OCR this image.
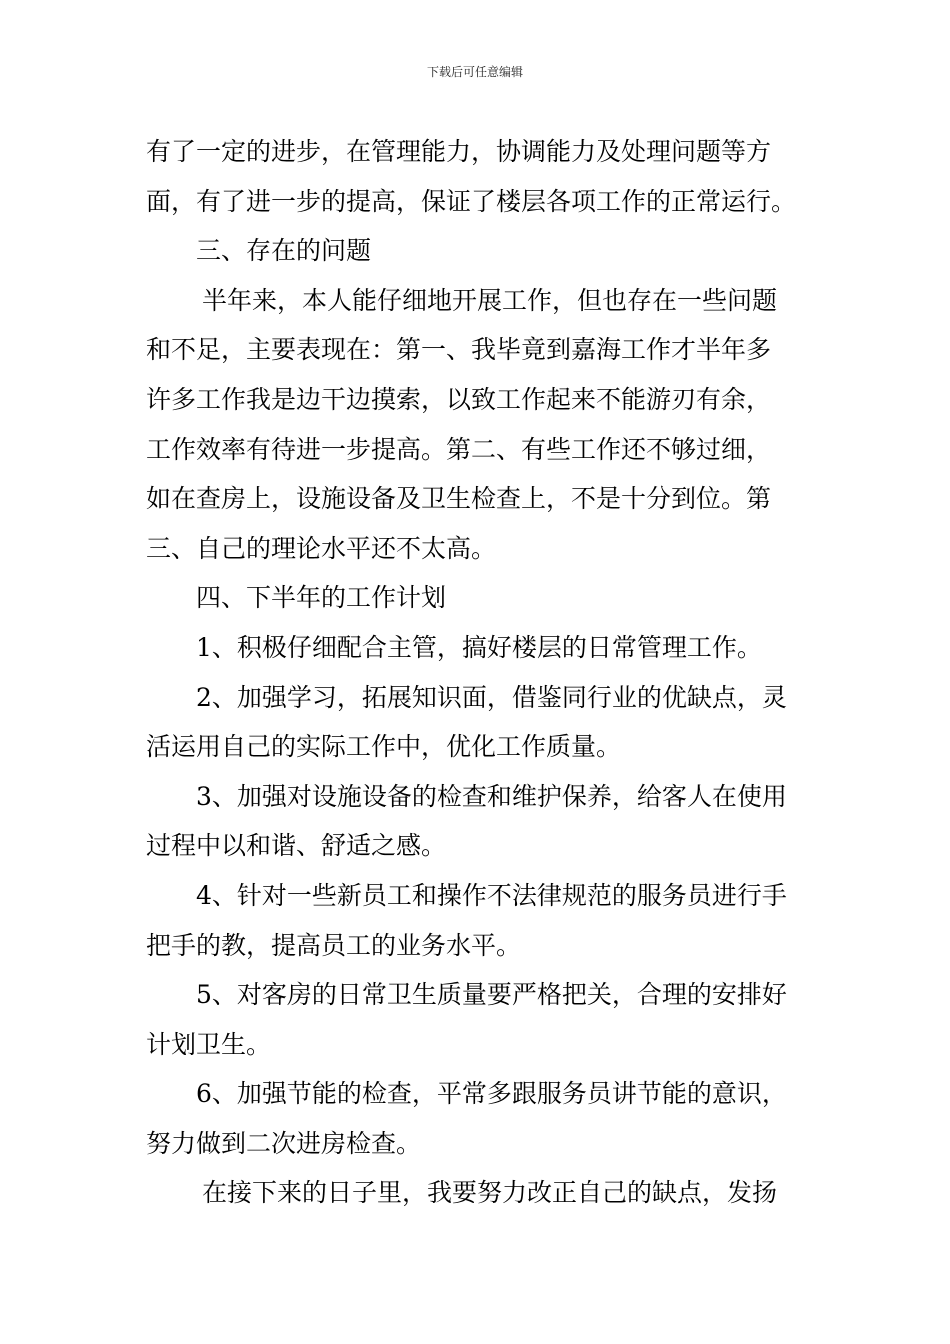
下载后可任意编辑
有了一定的进步，在管理能力，协调能力及处理问题等方
面，有了进一步的提高，保证了楼层各项工作的正常运行。
三、存在的问题
半年来，本人能仔细地开展工作，但也存在一些问题
和不足，主要表现在：第一、我毕竟到嘉海工作才半年多
许多工作我是边干边摸索，以致工作起来不能游刃有余，
工作效率有待进一步提高。第二、有些工作还不够过细，
如在查房上，设施设备及卫生检查上，不是十分到位。第
三、自己的理论水平还不太高。
四、下半年的工作计划
1、积极仔细配合主管，搞好楼层的日常管理工作。
2、加强学习，拓展知识面，借鉴同行业的优缺点，灵
活运用自己的实际工作中，优化工作质量。
3、加强对设施设备的检查和维护保养，给客人在使用
过程中以和谐、舒适之感。
4、针对一些新员工和操作不法律规范的服务员进行手
把手的教，提高员工的业务水平。
5、对客房的日常卫生质量要严格把关，合理的安排好
计划卫生。
6、加强节能的检查，平常多跟服务员讲节能的意识，
努力做到二次进房检查。
在接下来的日子里，我要努力改正自己的缺点，发扬
